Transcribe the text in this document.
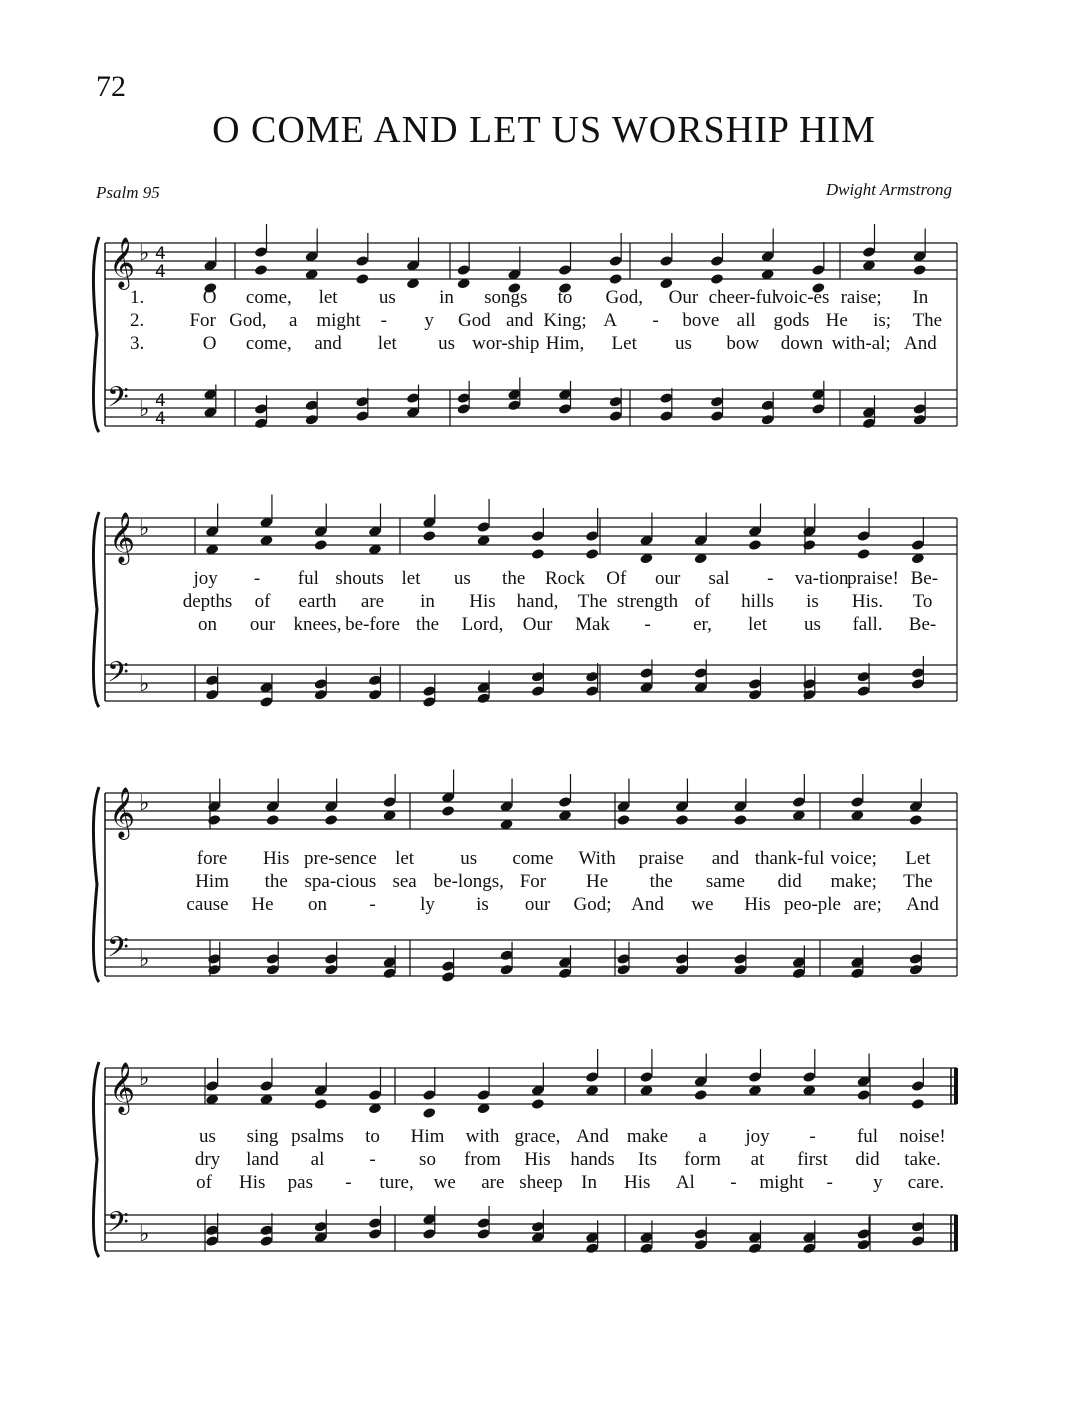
72
O COME AND LET US WORSHIP HIM
Psalm 95	Dwight Armstrong
𝄞 ♭ 4
4
𝄢 ♭ 4
4
1.	O come, let us in songs to God, Our cheer-ful
voic-es raise; In
2. For God, a might - y God and King; A - bove all gods He is; The
3.	O come, and let us wor-ship Him, Let us bow down with-al; And
𝄞 ♭
𝄢 ♭
joy - ful shouts let us the Rock Of our sal - va-tion
praise! Be-
depths of earth are in His hand, The strength of hills is His. To
on our knees, be-fore the Lord, Our Mak - er, let us fall. Be-
𝄞 ♭
𝄢 ♭
fore His pre-sence let us come With praise and thank-ful voice; Let
Him the spa-cious sea be-longs, For He the same did make; The
cause He on - ly is our God; And we His peo-ple are; And
𝄞 ♭
𝄢 ♭
us sing psalms to Him with grace, And make a joy - ful noise!
dry land al - so from His hands Its form at first did take.
of His pas - ture, we are sheep In His Al - might - y care.
